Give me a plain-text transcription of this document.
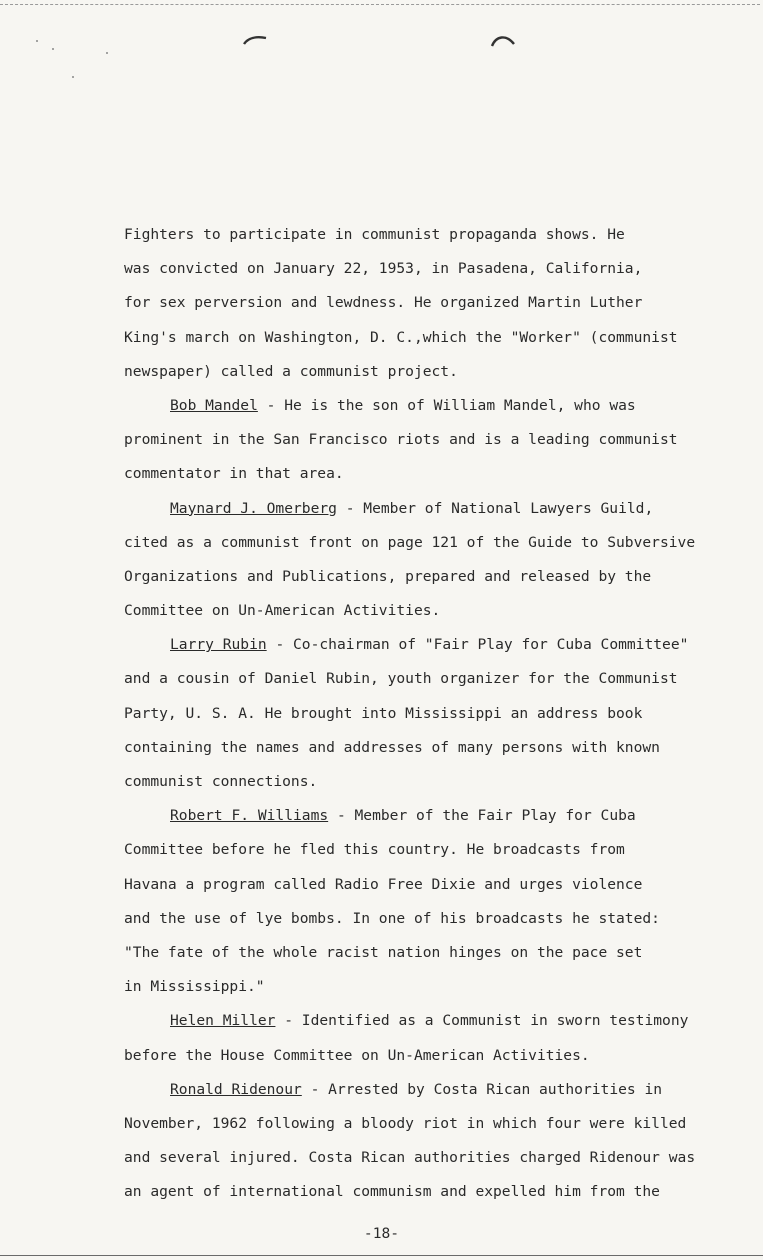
Fighters to participate in communist propaganda shows. He
was convicted on January 22, 1953, in Pasadena, California,
for sex perversion and lewdness. He organized Martin Luther
King's march on Washington, D. C.,which the "Worker" (communist
newspaper) called a communist project.
Bob Mandel - He is the son of William Mandel, who was
prominent in the San Francisco riots and is a leading communist
commentator in that area.
Maynard J. Omerberg - Member of National Lawyers Guild,
cited as a communist front on page 121 of the Guide to Subversive
Organizations and Publications, prepared and released by the
Committee on Un-American Activities.
Larry Rubin - Co-chairman of "Fair Play for Cuba Committee"
and a cousin of Daniel Rubin, youth organizer for the Communist
Party, U. S. A. He brought into Mississippi an address book
containing the names and addresses of many persons with known
communist connections.
Robert F. Williams - Member of the Fair Play for Cuba
Committee before he fled this country. He broadcasts from
Havana a program called Radio Free Dixie and urges violence
and the use of lye bombs. In one of his broadcasts he stated:
"The fate of the whole racist nation hinges on the pace set
in Mississippi."
Helen Miller - Identified as a Communist in sworn testimony
before the House Committee on Un-American Activities.
Ronald Ridenour - Arrested by Costa Rican authorities in
November, 1962 following a bloody riot in which four were killed
and several injured. Costa Rican authorities charged Ridenour was
an agent of international communism and expelled him from the
-18-
